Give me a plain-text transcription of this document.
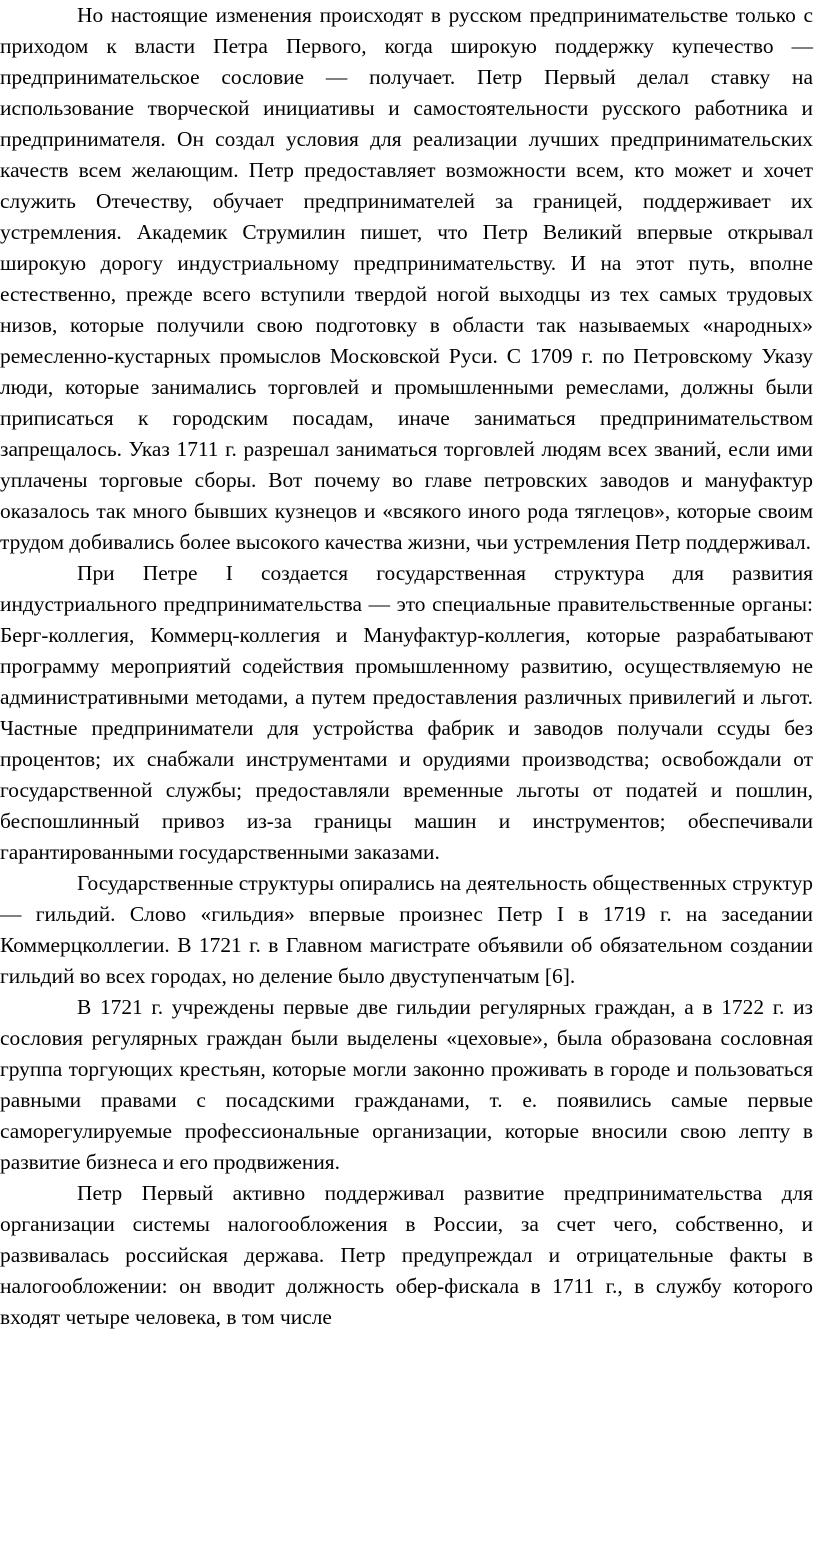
Но настоящие изменения происходят в русском предпринимательстве только с приходом к власти Петра Первого, когда широкую поддержку купечество — предпринимательское сословие — получает. Петр Первый делал ставку на использование творческой инициативы и самостоятельности русского работника и предпринимателя. Он создал условия для реализации лучших предпринимательских качеств всем желающим. Петр предоставляет возможности всем, кто может и хочет служить Отечеству, обучает предпринимателей за границей, поддерживает их устремления. Академик Струмилин пишет, что Петр Великий впервые открывал широкую дорогу индустриальному предпринимательству. И на этот путь, вполне естественно, прежде всего вступили твердой ногой выходцы из тех самых трудовых низов, которые получили свою подготовку в области так называемых «народных» ремесленно-кустарных промыслов Московской Руси. С 1709 г. по Петровскому Указу люди, которые занимались торговлей и промышленными ремеслами, должны были приписаться к городским посадам, иначе заниматься предпринимательством запрещалось. Указ 1711 г. разрешал заниматься торговлей людям всех званий, если ими уплачены торговые сборы. Вот почему во главе петровских заводов и мануфактур оказалось так много бывших кузнецов и «всякого иного рода тяглецов», которые своим трудом добивались более высокого качества жизни, чьи устремления Петр поддерживал.

При Петре I создается государственная структура для развития индустриального предпринимательства — это специальные правительственные органы: Берг-коллегия, Коммерц-коллегия и Мануфактур-коллегия, которые разрабатывают программу мероприятий содействия промышленному развитию, осуществляемую не административными методами, а путем предоставления различных привилегий и льгот. Частные предприниматели для устройства фабрик и заводов получали ссуды без процентов; их снабжали инструментами и орудиями производства; освобождали от государственной службы; предоставляли временные льготы от податей и пошлин, беспошлинный привоз из-за границы машин и инструментов; обеспечивали гарантированными государственными заказами.

Государственные структуры опирались на деятельность общественных структур — гильдий. Слово «гильдия» впервые произнес Петр I в 1719 г. на заседании Коммерцколлегии. В 1721 г. в Главном магистрате объявили об обязательном создании гильдий во всех городах, но деление было двуступенчатым [6].

В 1721 г. учреждены первые две гильдии регулярных граждан, а в 1722 г. из сословия регулярных граждан были выделены «цеховые», была образована сословная группа торгующих крестьян, которые могли законно проживать в городе и пользоваться равными правами с посадскими гражданами, т. е. появились самые первые саморегулируемые профессиональные организации, которые вносили свою лепту в развитие бизнеса и его продвижения.

Петр Первый активно поддерживал развитие предпринимательства для организации системы налогообложения в России, за счет чего, собственно, и развивалась российская держава. Петр предупреждал и отрицательные факты в налогообложении: он вводит должность обер-фискала в 1711 г., в службу которого входят четыре человека, в том числе
